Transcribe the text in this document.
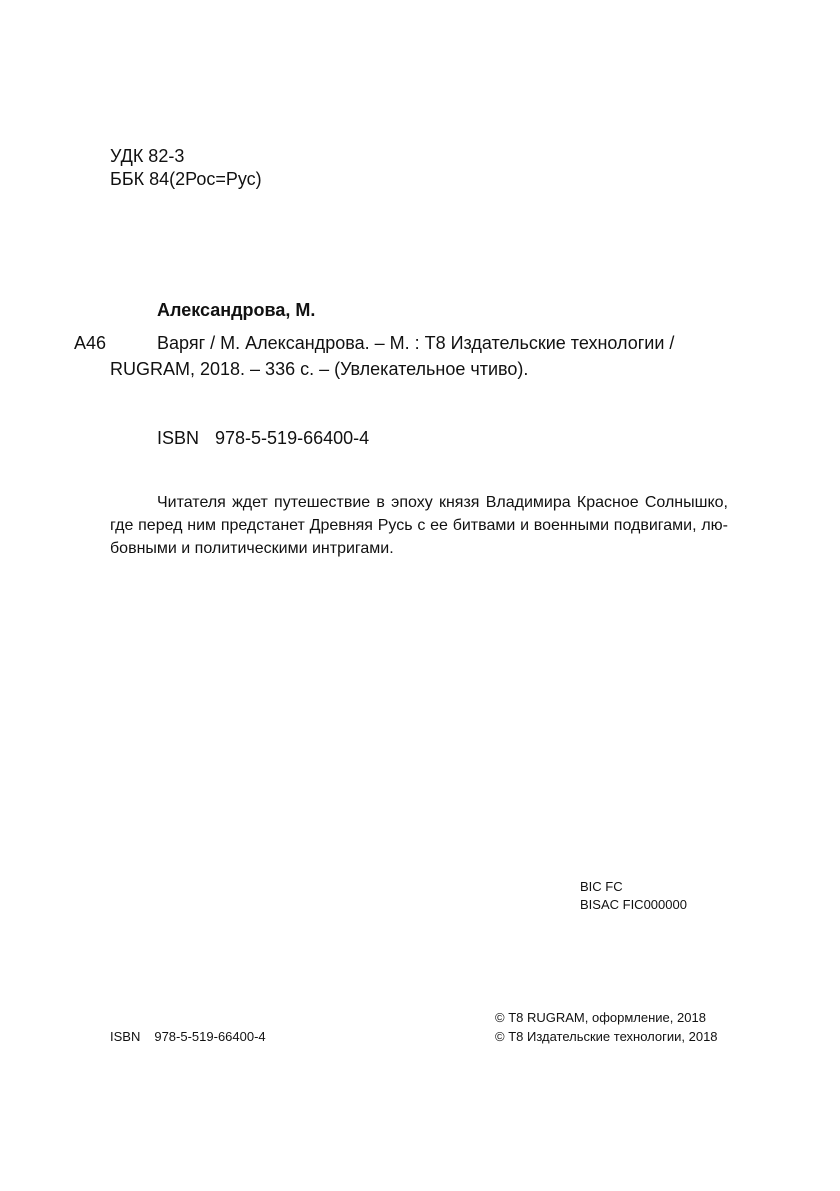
УДК 82-3
ББК 84(2Рос=Рус)
Александрова, М.
А46	Варяг / М. Александрова. – М. : Т8 Издательские технологии /
RUGRAM, 2018. – 336 с. – (Увлекательное чтиво).
ISBN 978-5-519-66400-4
Читателя ждет путешествие в эпоху князя Владимира Красное Солнышко,
где перед ним предстанет Древняя Русь с ее битвами и военными подвигами, лю-
бовными и политическими интригами.
BIC FC
BISAC FIC000000
© Т8 RUGRAM, оформление, 2018
© Т8 Издательские технологии, 2018
ISBN 978-5-519-66400-4
